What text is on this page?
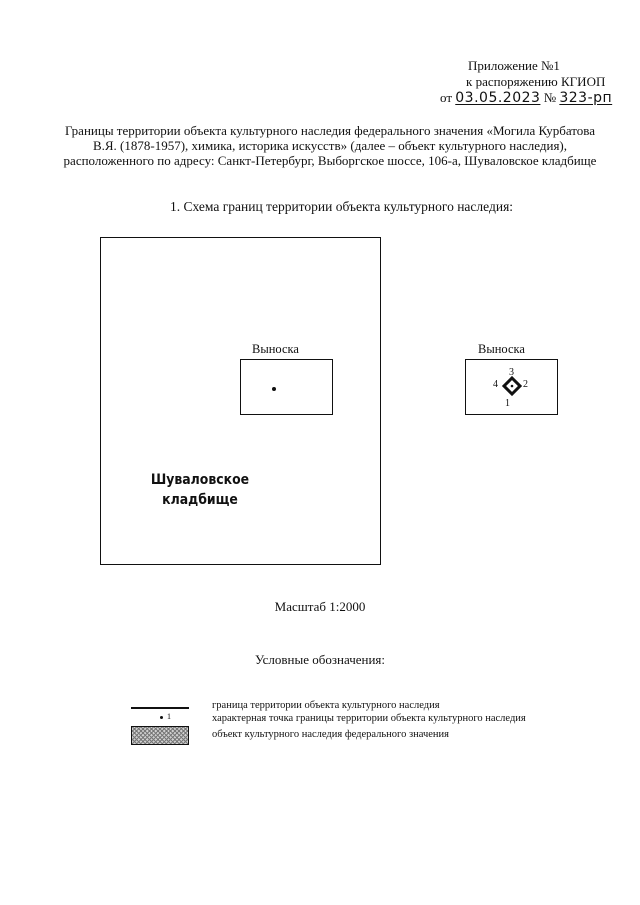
Приложение №1
к распоряжению КГИОП
от 03.05.2023 № 323-рп
Границы территории объекта культурного наследия федерального значения «Могила Курбатова В.Я. (1878-1957), химика, историка искусств» (далее – объект культурного наследия), расположенного по адресу: Санкт-Петербург, Выборгское шоссе, 106-а, Шуваловское кладбище
1. Схема границ территории объекта культурного наследия:
Выноска	Выноска
3
2
1
4
Шуваловское
кладбище
Масштаб 1:2000
Условные обозначения:
граница территории объекта культурного наследия
1	характерная точка границы территории объекта культурного наследия
объект культурного наследия федерального значения
